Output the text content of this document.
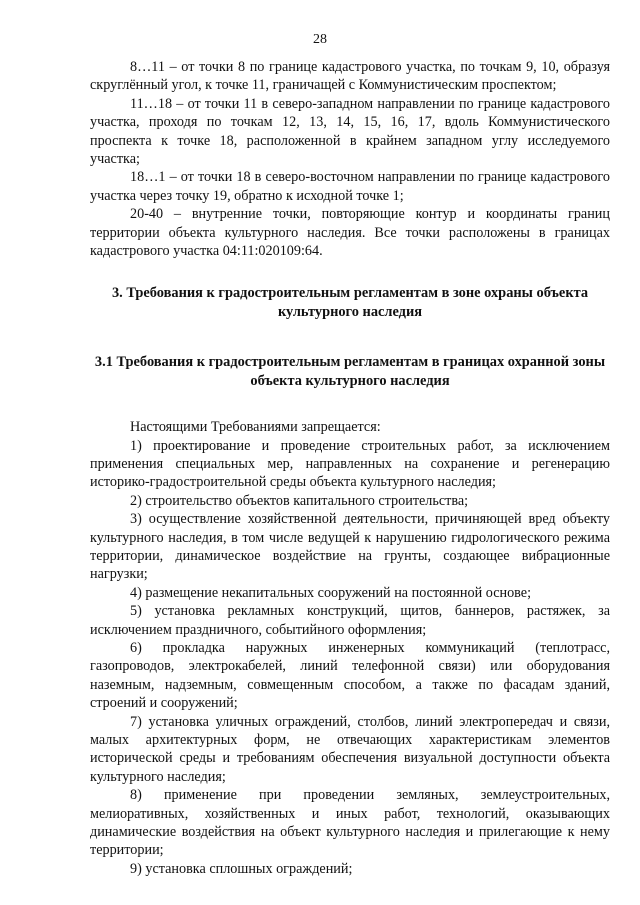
28

8…11 – от точки 8 по границе кадастрового участка, по точкам 9, 10, образуя скруглённый угол, к точке 11, граничащей с Коммунистическим проспектом;

11…18 – от точки 11 в северо-западном направлении по границе кадастрового участка, проходя по точкам 12, 13, 14, 15, 16, 17, вдоль Коммунистического проспекта к точке 18, расположенной в крайнем западном углу исследуемого участка;

18…1 – от точки 18 в северо-восточном направлении по границе кадастрового участка через точку 19, обратно к исходной точке 1;

20-40 – внутренние точки, повторяющие контур и координаты границ территории объекта культурного наследия. Все точки расположены в границах кадастрового участка 04:11:020109:64.

3. Требования к градостроительным регламентам в зоне охраны объекта культурного наследия

3.1 Требования к градостроительным регламентам в границах охранной зоны объекта культурного наследия

Настоящими Требованиями запрещается:

1) проектирование и проведение строительных работ, за исключением применения специальных мер, направленных на сохранение и регенерацию историко-градостроительной среды объекта культурного наследия;

2) строительство объектов капитального строительства;

3) осуществление хозяйственной деятельности, причиняющей вред объекту культурного наследия, в том числе ведущей к нарушению гидрологического режима территории, динамическое воздействие на грунты, создающее вибрационные нагрузки;

4) размещение некапитальных сооружений на постоянной основе;

5) установка рекламных конструкций, щитов, баннеров, растяжек, за исключением праздничного, событийного оформления;

6) прокладка наружных инженерных коммуникаций (теплотрасс, газопроводов, электрокабелей, линий телефонной связи) или оборудования наземным, надземным, совмещенным способом, а также по фасадам зданий, строений и сооружений;

7) установка уличных ограждений, столбов, линий электропередач и связи, малых архитектурных форм, не отвечающих характеристикам элементов исторической среды и требованиям обеспечения визуальной доступности объекта культурного наследия;

8) применение при проведении земляных, землеустроительных, мелиоративных, хозяйственных и иных работ, технологий, оказывающих динамические воздействия на объект культурного наследия и прилегающие к нему территории;

9) установка сплошных ограждений;
